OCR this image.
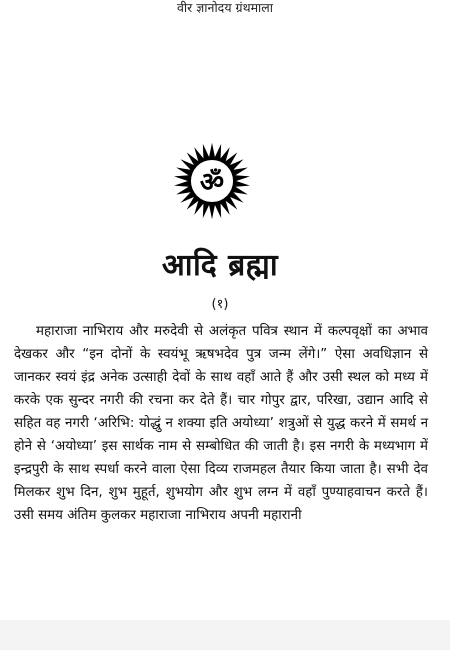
वीर ज्ञानोदय ग्रंथमाला
ॐ
आदि ब्रह्मा
(१)

महाराजा नाभिराय और मरुदेवी से अलंकृत पवित्र स्थान में कल्पवृक्षों का अभाव देखकर और “इन दोनों के स्वयंभू ऋषभदेव पुत्र जन्म लेंगे।” ऐसा अवधिज्ञान से जानकर स्वयं इंद्र अनेक उत्साही देवों के साथ वहाँ आते हैं और उसी स्थल को मध्य में करके एक सुन्दर नगरी की रचना कर देते हैं। चार गोपुर द्वार, परिखा, उद्यान आदि से सहित वह नगरी ‘अरिभि: योद्धुं न शक्या इति अयोध्या’ शत्रुओं से युद्ध करने में समर्थ न होने से ‘अयोध्या’ इस सार्थक नाम से सम्बोधित की जाती है। इस नगरी के मध्यभाग में इन्द्रपुरी के साथ स्पर्धा करने वाला ऐसा दिव्य राजमहल तैयार किया जाता है। सभी देव मिलकर शुभ दिन, शुभ मुहूर्त, शुभयोग और शुभ लग्न में वहाँ पुण्याहवाचन करते हैं। उसी समय अंतिम कुलकर महाराजा नाभिराय अपनी महारानी
